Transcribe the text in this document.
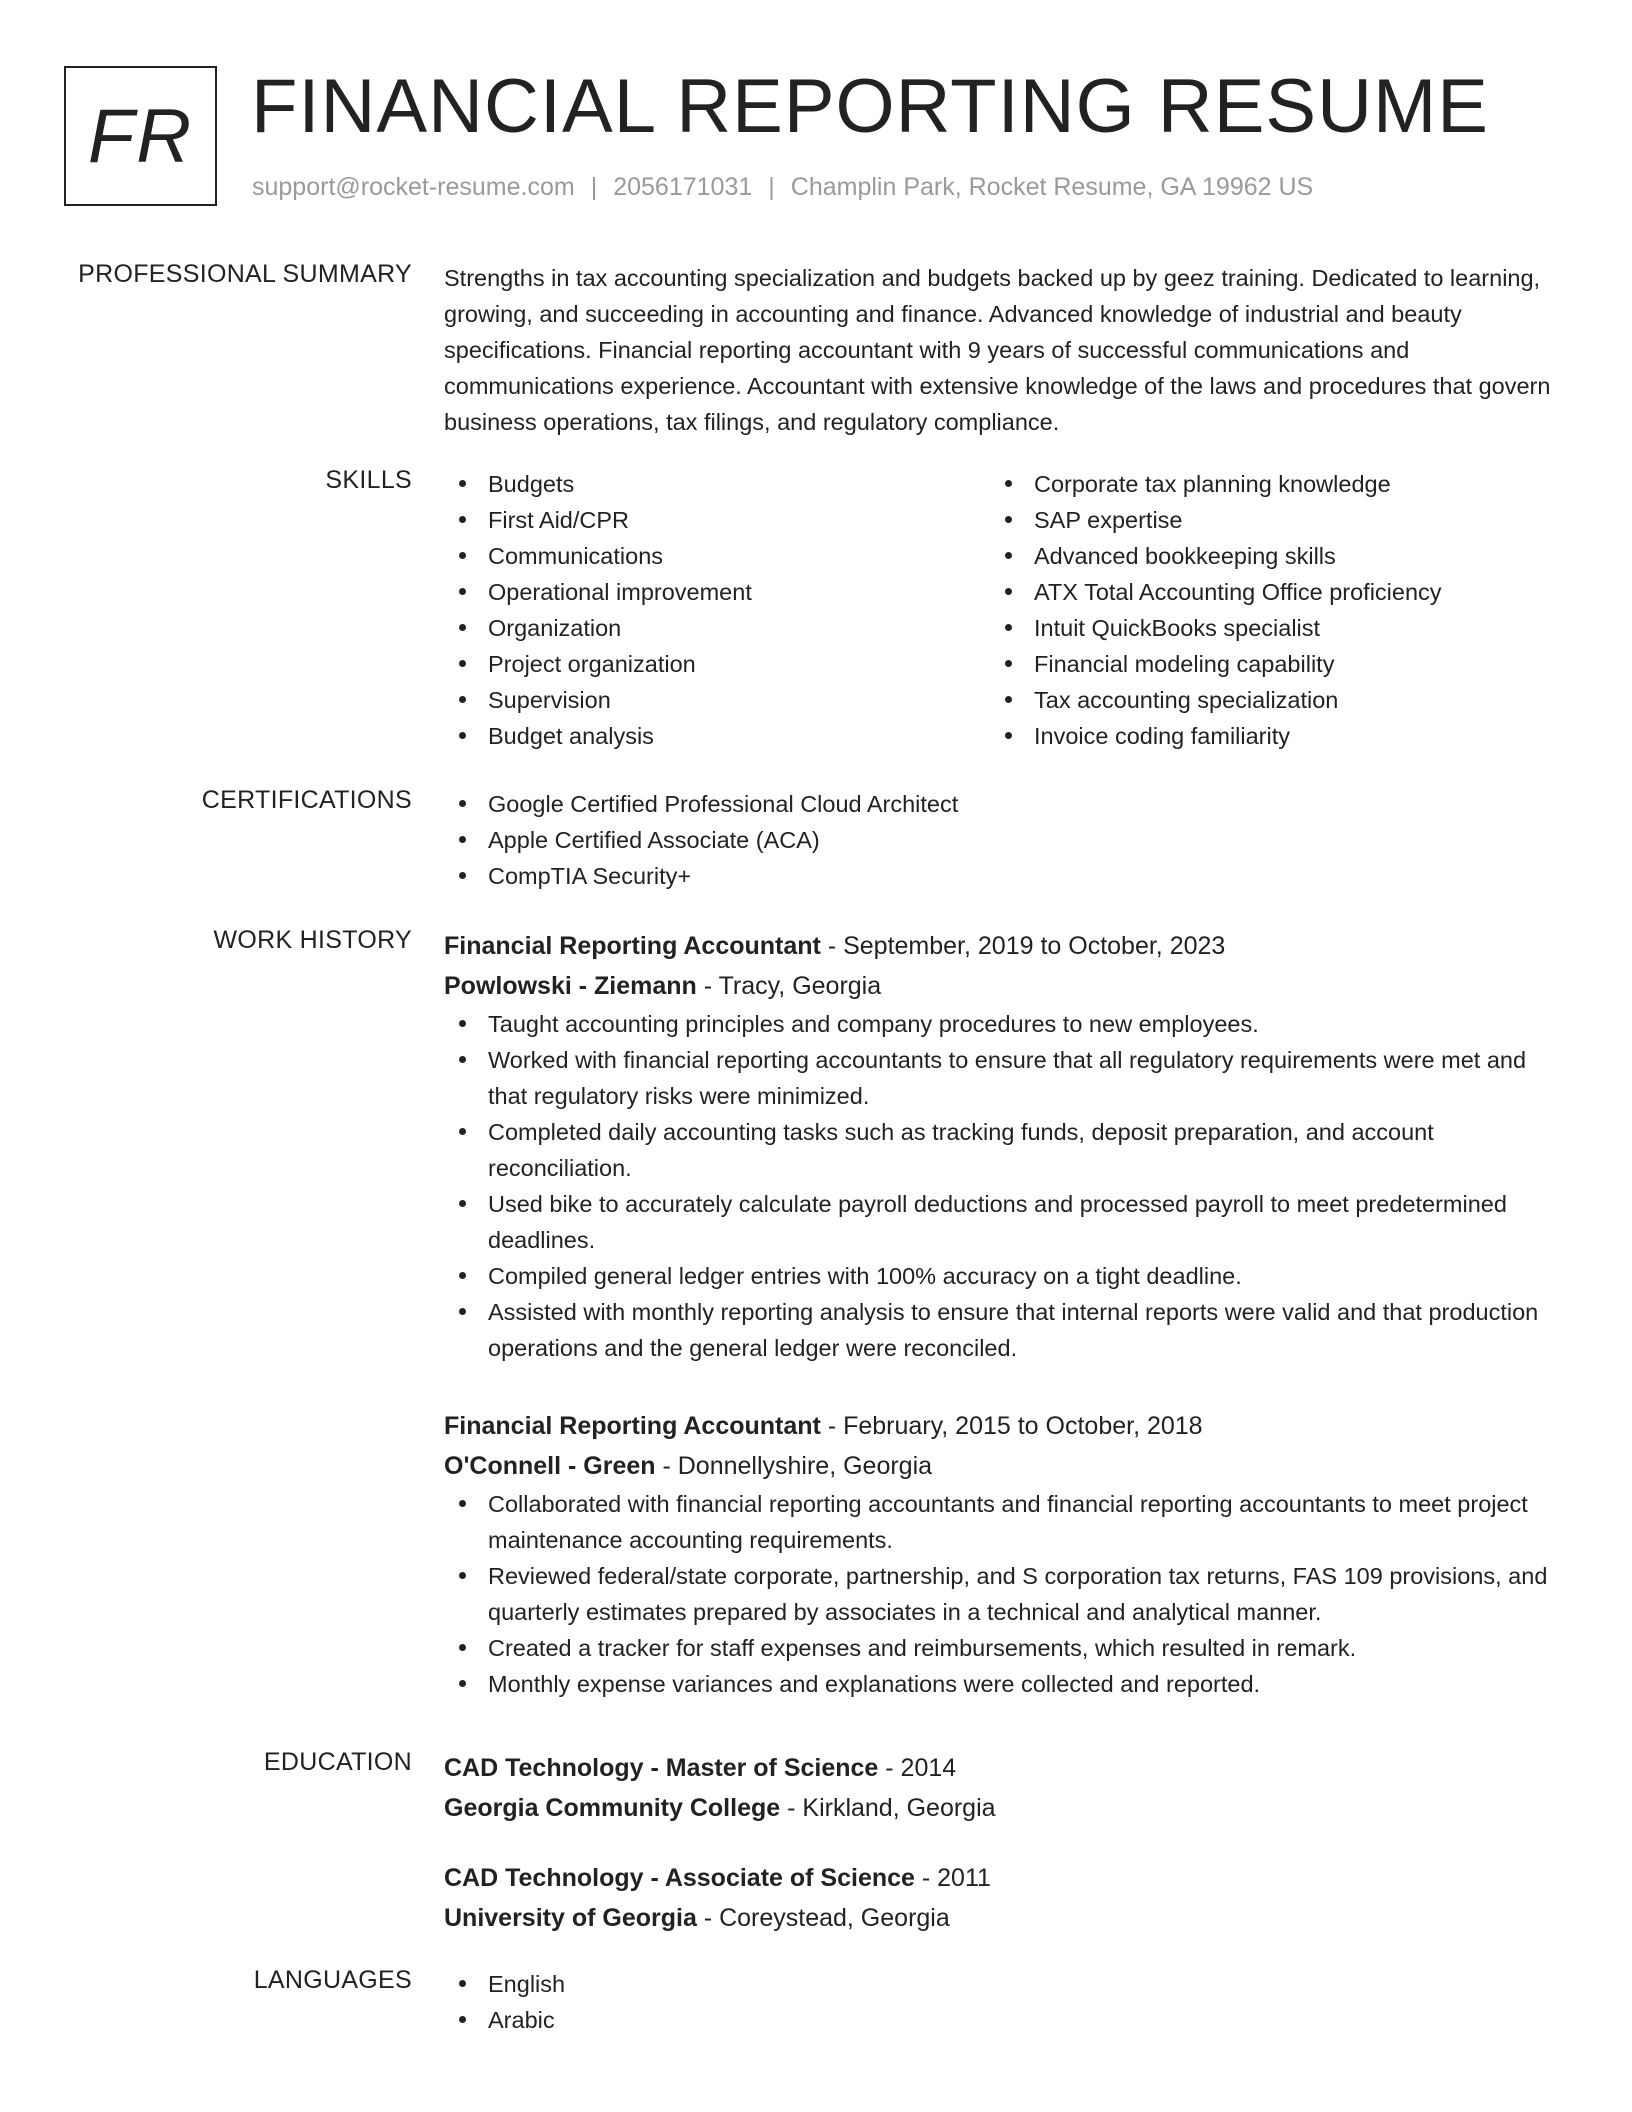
FR FINANCIAL REPORTING RESUME
support@rocket-resume.com | 2056171031 | Champlin Park, Rocket Resume, GA 19962 US
PROFESSIONAL SUMMARY Strengths in tax accounting specialization and budgets backed up by geez training. Dedicated to learning, growing, and succeeding in accounting and finance. Advanced knowledge of industrial and beauty specifications. Financial reporting accountant with 9 years of successful communications and communications experience. Accountant with extensive knowledge of the laws and procedures that govern business operations, tax filings, and regulatory compliance.

SKILLS	Budgets
First Aid/CPR
Communications
Operational improvement
Organization
Project organization
Supervision
Budget analysis
Corporate tax planning knowledge
SAP expertise
Advanced bookkeeping skills
ATX Total Accounting Office proficiency
Intuit QuickBooks specialist
Financial modeling capability
Tax accounting specialization
Invoice coding familiarity
CERTIFICATIONS	Google Certified Professional Cloud Architect
Apple Certified Associate (ACA)
CompTIA Security+
WORK HISTORY Financial Reporting Accountant - September, 2019 to October, 2023
Powlowski - Ziemann - Tracy, Georgia
Taught accounting principles and company procedures to new employees.
Worked with financial reporting accountants to ensure that all regulatory requirements were met and that regulatory risks were minimized.
Completed daily accounting tasks such as tracking funds, deposit preparation, and account reconciliation.
Used bike to accurately calculate payroll deductions and processed payroll to meet predetermined deadlines.
Compiled general ledger entries with 100% accuracy on a tight deadline.
Assisted with monthly reporting analysis to ensure that internal reports were valid and that production operations and the general ledger were reconciled.
Financial Reporting Accountant - February, 2015 to October, 2018
O'Connell - Green - Donnellyshire, Georgia
Collaborated with financial reporting accountants and financial reporting accountants to meet project maintenance accounting requirements.
Reviewed federal/state corporate, partnership, and S corporation tax returns, FAS 109 provisions, and quarterly estimates prepared by associates in a technical and analytical manner.
Created a tracker for staff expenses and reimbursements, which resulted in remark.
Monthly expense variances and explanations were collected and reported.
EDUCATION CAD Technology - Master of Science - 2014
Georgia Community College - Kirkland, Georgia
CAD Technology - Associate of Science - 2011
University of Georgia - Coreystead, Georgia
LANGUAGES	English
Arabic
